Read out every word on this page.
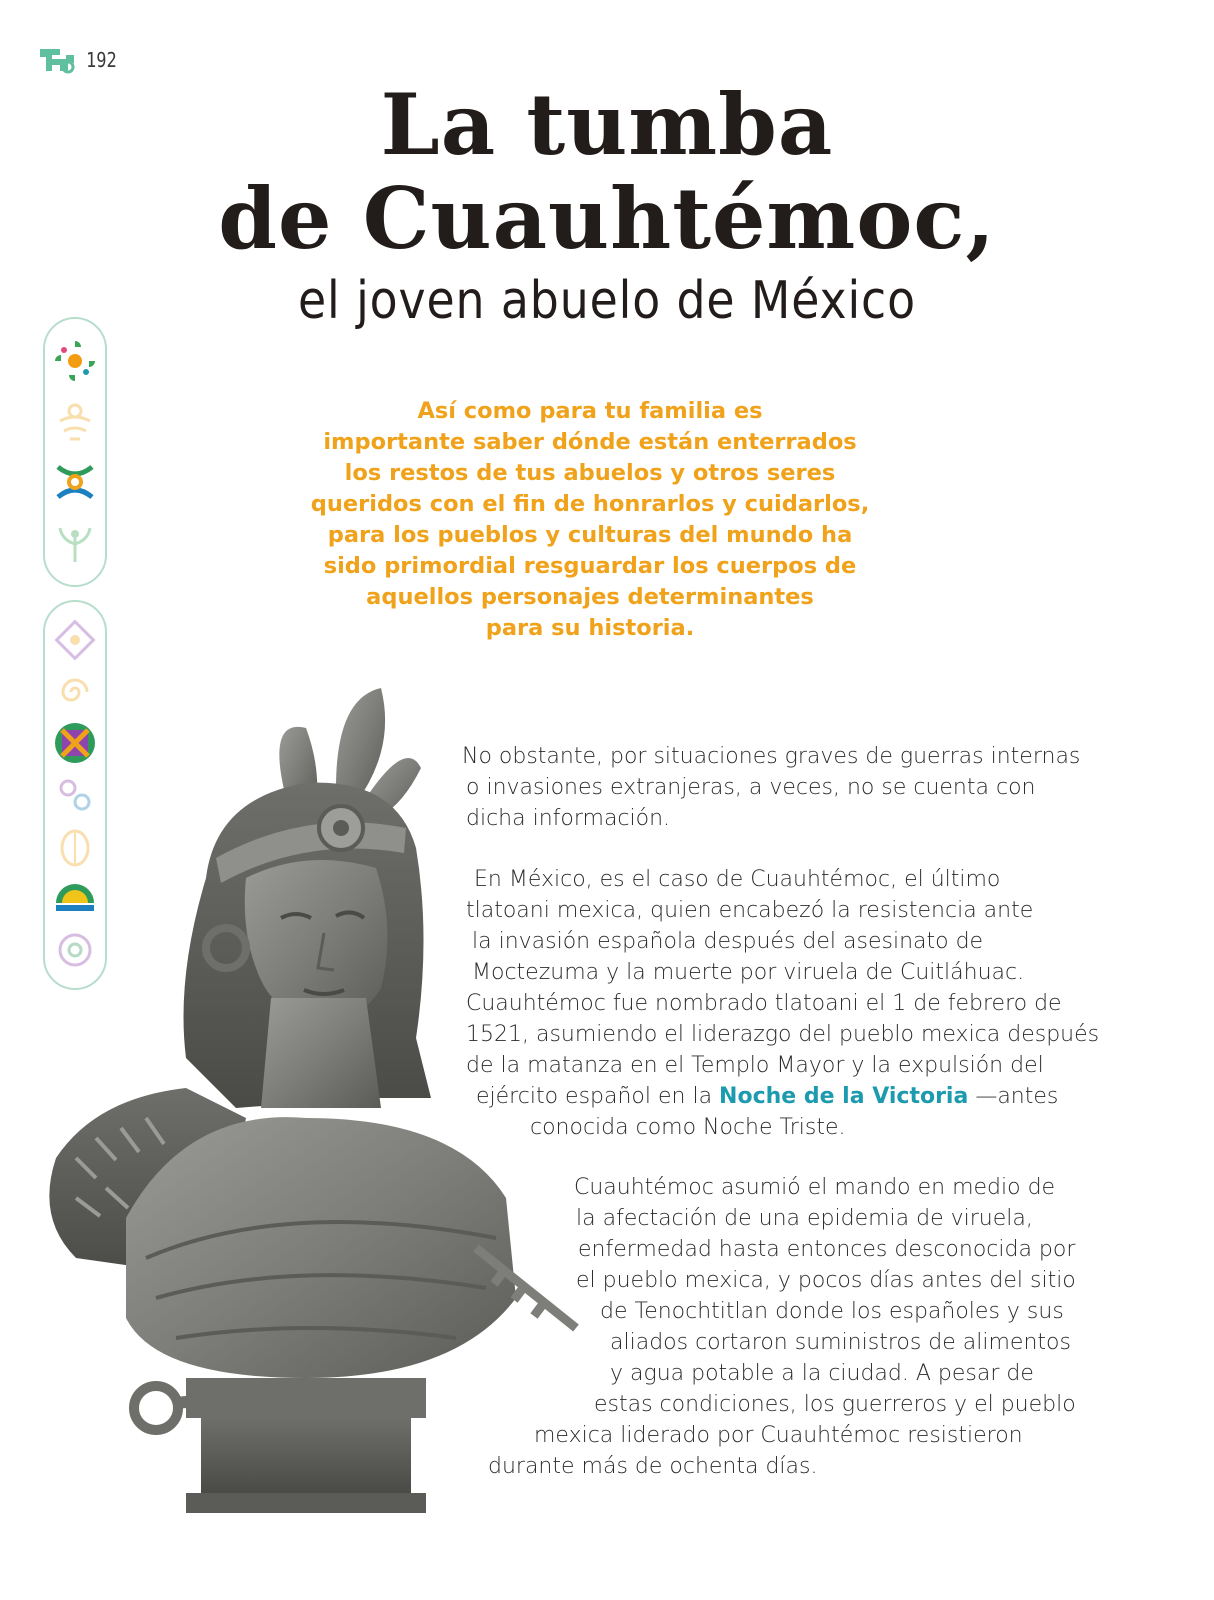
192
La tumba
de Cuauhtémoc,
el joven abuelo de México
Así como para tu familia es
importante saber dónde están enterrados
los restos de tus abuelos y otros seres
queridos con el fin de honrarlos y cuidarlos,
para los pueblos y culturas del mundo ha
sido primordial resguardar los cuerpos de
aquellos personajes determinantes
para su historia.
No obstante, por situaciones graves de guerras internas
o invasiones extranjeras, a veces, no se cuenta con
dicha información.
En México, es el caso de Cuauhtémoc, el último
tlatoani mexica, quien encabezó la resistencia ante
la invasión española después del asesinato de
Moctezuma y la muerte por viruela de Cuitláhuac.
Cuauhtémoc fue nombrado tlatoani el 1 de febrero de
1521, asumiendo el liderazgo del pueblo mexica después
de la matanza en el Templo Mayor y la expulsión del
ejército español en la Noche de la Victoria —antes
conocida como Noche Triste.
Cuauhtémoc asumió el mando en medio de
la afectación de una epidemia de viruela,
enfermedad hasta entonces desconocida por
el pueblo mexica, y pocos días antes del sitio
de Tenochtitlan donde los españoles y sus
aliados cortaron suministros de alimentos
y agua potable a la ciudad. A pesar de
estas condiciones, los guerreros y el pueblo
mexica liderado por Cuauhtémoc resistieron
durante más de ochenta días.
